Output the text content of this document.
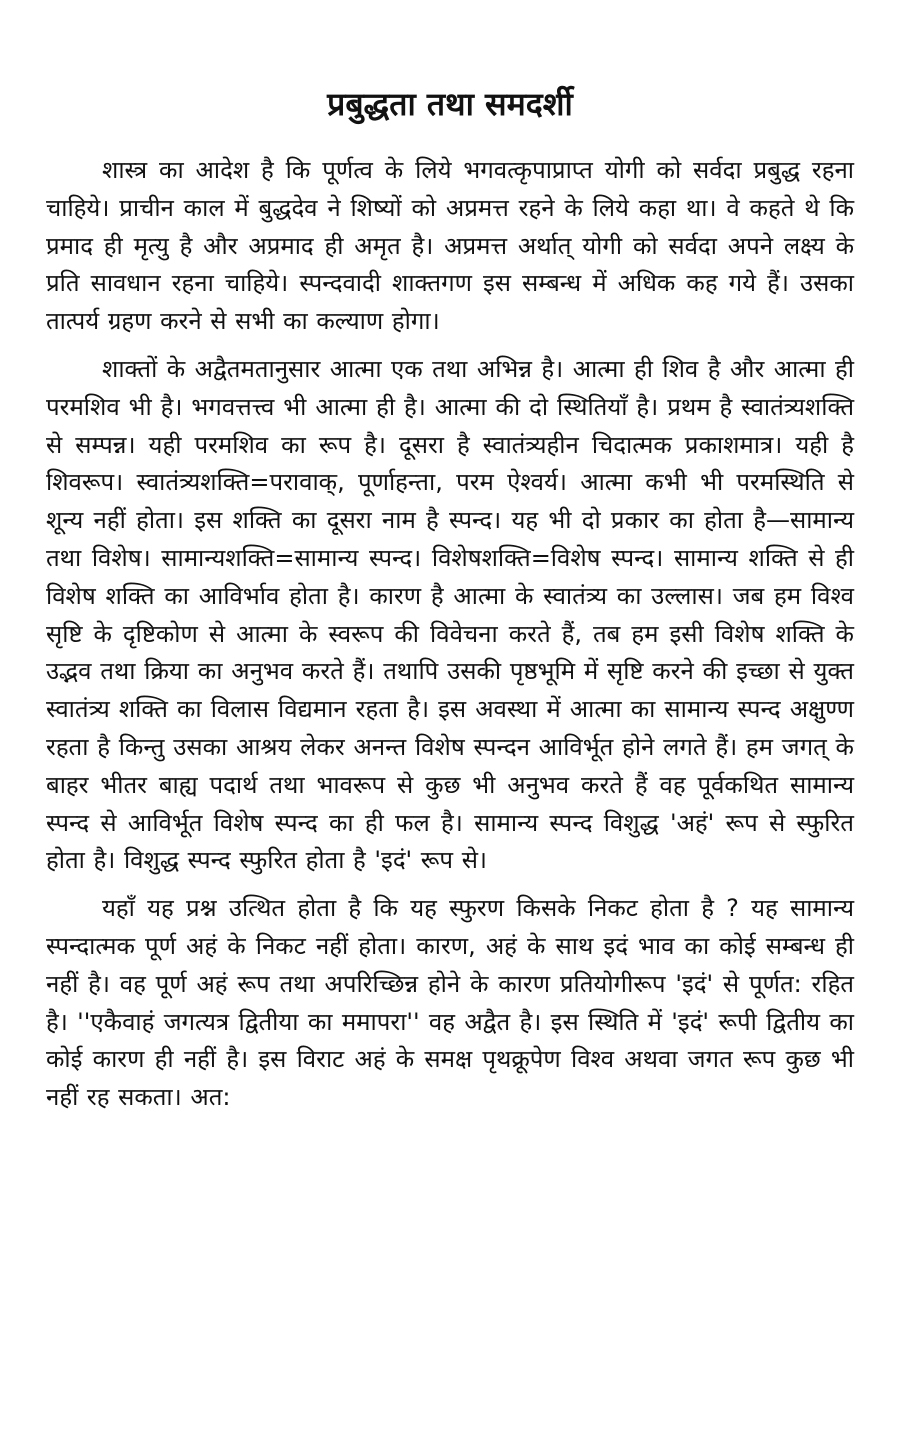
प्रबुद्धता तथा समदर्शी

शास्त्र का आदेश है कि पूर्णत्व के लिये भगवत्कृपाप्राप्त योगी को सर्वदा प्रबुद्ध रहना चाहिये। प्राचीन काल में बुद्धदेव ने शिष्यों को अप्रमत्त रहने के लिये कहा था। वे कहते थे कि प्रमाद ही मृत्यु है और अप्रमाद ही अमृत है। अप्रमत्त अर्थात् योगी को सर्वदा अपने लक्ष्य के प्रति सावधान रहना चाहिये। स्पन्दवादी शाक्तगण इस सम्बन्ध में अधिक कह गये हैं। उसका तात्पर्य ग्रहण करने से सभी का कल्याण होगा।

शाक्तों के अद्वैतमतानुसार आत्मा एक तथा अभिन्न है। आत्मा ही शिव है और आत्मा ही परमशिव भी है। भगवत्तत्त्व भी आत्मा ही है। आत्मा की दो स्थितियाँ है। प्रथम है स्वातंत्र्यशक्ति से सम्पन्न। यही परमशिव का रूप है। दूसरा है स्वातंत्र्यहीन चिदात्मक प्रकाशमात्र। यही है शिवरूप। स्वातंत्र्यशक्ति=परावाक्, पूर्णाहन्ता, परम ऐश्वर्य। आत्मा कभी भी परमस्थिति से शून्य नहीं होता। इस शक्ति का दूसरा नाम है स्पन्द। यह भी दो प्रकार का होता है—सामान्य तथा विशेष। सामान्यशक्ति=सामान्य स्पन्द। विशेषशक्ति=विशेष स्पन्द। सामान्य शक्ति से ही विशेष शक्ति का आविर्भाव होता है। कारण है आत्मा के स्वातंत्र्य का उल्लास। जब हम विश्व सृष्टि के दृष्टिकोण से आत्मा के स्वरूप की विवेचना करते हैं, तब हम इसी विशेष शक्ति के उद्भव तथा क्रिया का अनुभव करते हैं। तथापि उसकी पृष्ठभूमि में सृष्टि करने की इच्छा से युक्त स्वातंत्र्य शक्ति का विलास विद्यमान रहता है। इस अवस्था में आत्मा का सामान्य स्पन्द अक्षुण्ण रहता है किन्तु उसका आश्रय लेकर अनन्त विशेष स्पन्दन आविर्भूत होने लगते हैं। हम जगत् के बाहर भीतर बाह्य पदार्थ तथा भावरूप से कुछ भी अनुभव करते हैं वह पूर्वकथित सामान्य स्पन्द से आविर्भूत विशेष स्पन्द का ही फल है। सामान्य स्पन्द विशुद्ध 'अहं' रूप से स्फुरित होता है। विशुद्ध स्पन्द स्फुरित होता है 'इदं' रूप से।

यहाँ यह प्रश्न उत्थित होता है कि यह स्फुरण किसके निकट होता है ? यह सामान्य स्पन्दात्मक पूर्ण अहं के निकट नहीं होता। कारण, अहं के साथ इदं भाव का कोई सम्बन्ध ही नहीं है। वह पूर्ण अहं रूप तथा अपरिच्छिन्न होने के कारण प्रतियोगीरूप 'इदं' से पूर्णत: रहित है। ''एकैवाहं जगत्यत्र द्वितीया का ममापरा'' वह अद्वैत है। इस स्थिति में 'इदं' रूपी द्वितीय का कोई कारण ही नहीं है। इस विराट अहं के समक्ष पृथक्रूपेण विश्व अथवा जगत रूप कुछ भी नहीं रह सकता। अत:
